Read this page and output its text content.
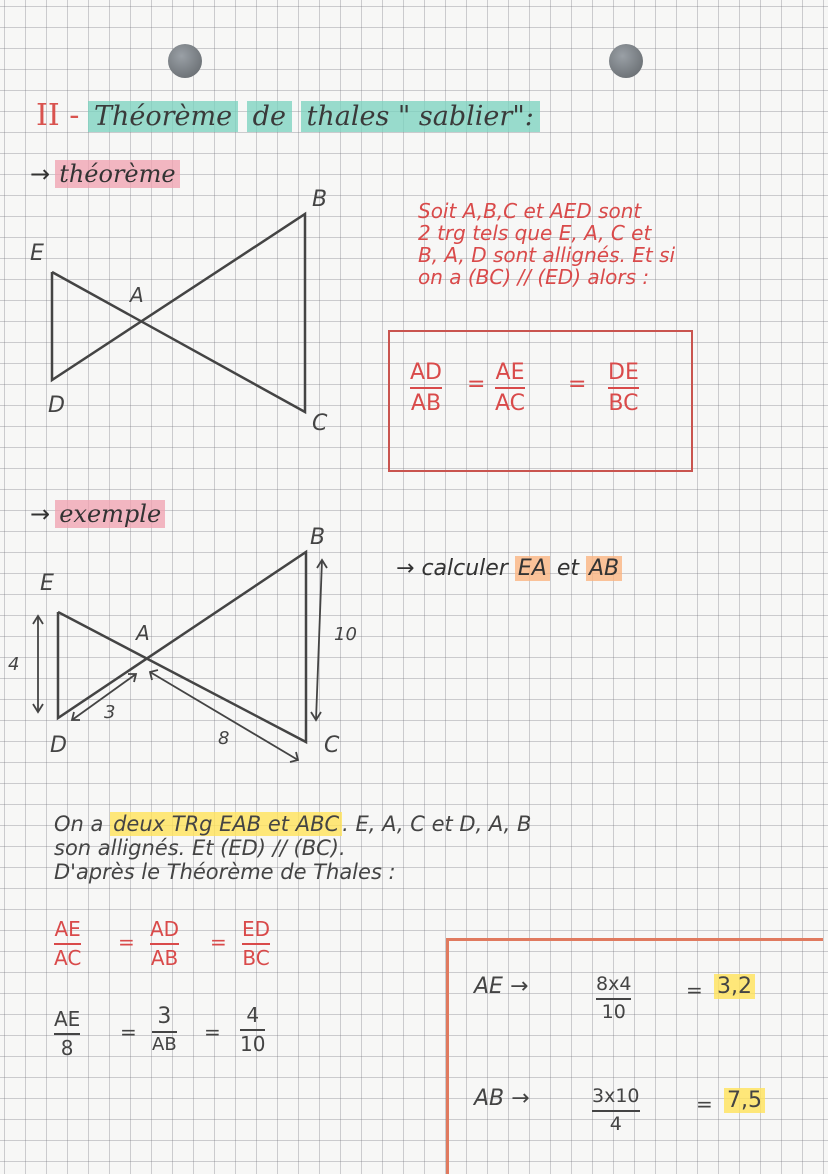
II - Théorème de thales " sablier":
→ théorème
B
E
A
D
C
Soit A,B,C et AED sont
2 trg tels que E, A, C et
B, A, D sont allignés. Et si
on a (BC) // (ED) alors :
AD
AB
= AE
AC
= DE
BC
→ exemple
B
E
A
D	C
4
3
8
10
→ calculer EA et AB
On a deux TRg EAB et ABC . E, A, C et D, A, B
son allignés. Et (ED) // (BC).
D'après le Théorème de Thales :
AE
AC
=
AD
AB
=
ED
BC
AE
8
=
3
AB
=
4
10
AE →	8x4
10
= 3,2
AB →	3x10
4
= 7,5
